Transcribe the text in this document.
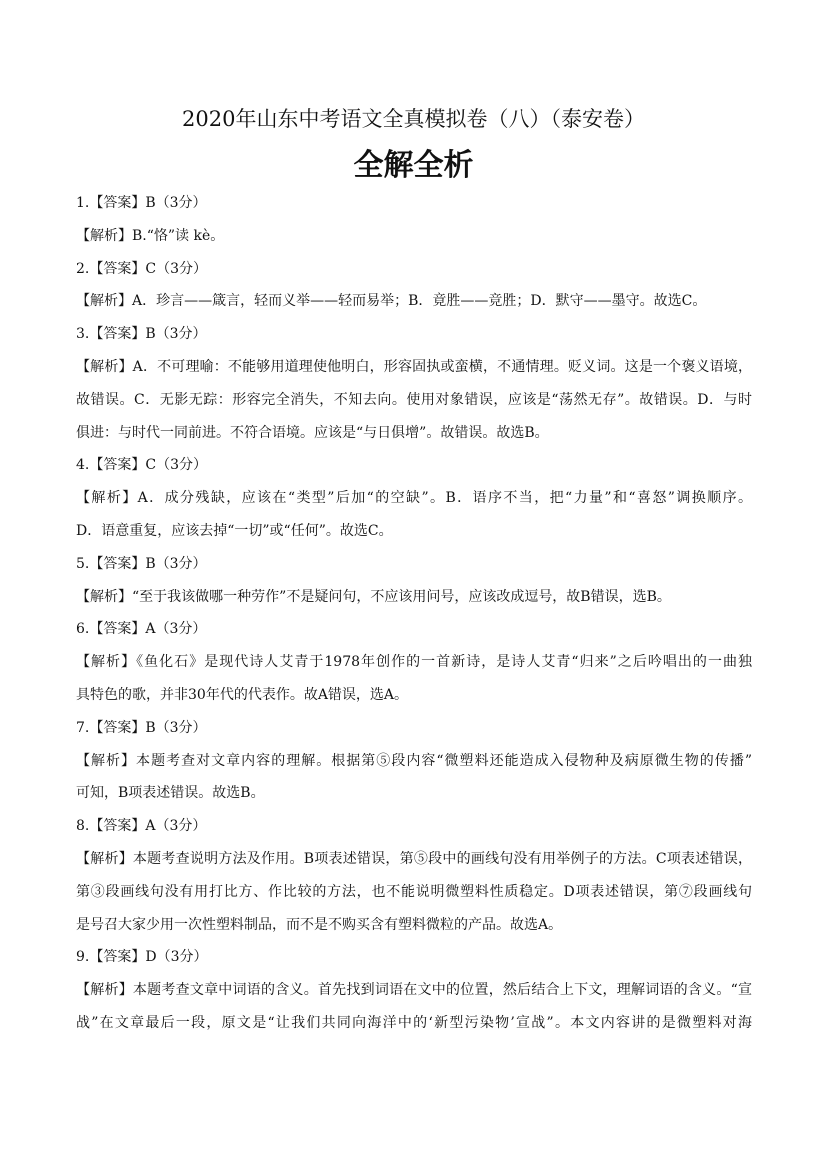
2020年山东中考语文全真模拟卷（八）（泰安卷）
全解全析
1.【答案】B（3分）
【解析】B.“恪”读 kè。
2.【答案】C（3分）
【解析】A．珍言——箴言，轻而义举——轻而易举；B．竟胜——竞胜；D．默守——墨守。故选C。
3.【答案】B（3分）
【解析】A．不可理喻：不能够用道理使他明白，形容固执或蛮横，不通情理。贬义词。这是一个褒义语境，
故错误。C．无影无踪：形容完全消失，不知去向。使用对象错误，应该是“荡然无存”。故错误。D．与时
俱进：与时代一同前进。不符合语境。应该是“与日俱增”。故错误。故选B。
4.【答案】C（3分）
【解析】A．成分残缺，应该在“类型”后加“的空缺”。B．语序不当，把“力量”和“喜怒”调换顺序。
D．语意重复，应该去掉“一切”或“任何”。故选C。
5.【答案】B（3分）
【解析】“至于我该做哪一种劳作”不是疑问句，不应该用问号，应该改成逗号，故B错误，选B。
6.【答案】A（3分）
【解析】《鱼化石》是现代诗人艾青于1978年创作的一首新诗，是诗人艾青“归来”之后吟唱出的一曲独
具特色的歌，并非30年代的代表作。故A错误，选A。
7.【答案】B（3分）
【解析】本题考查对文章内容的理解。根据第⑤段内容“微塑料还能造成入侵物种及病原微生物的传播”
可知，B项表述错误。故选B。
8.【答案】A（3分）
【解析】本题考查说明方法及作用。B项表述错误，第⑤段中的画线句没有用举例子的方法。C项表述错误，
第③段画线句没有用打比方、作比较的方法，也不能说明微塑料性质稳定。D项表述错误，第⑦段画线句
是号召大家少用一次性塑料制品，而不是不购买含有塑料微粒的产品。故选A。
9.【答案】D（3分）
【解析】本题考查文章中词语的含义。首先找到词语在文中的位置，然后结合上下文，理解词语的含义。“宣
战”在文章最后一段，原文是“让我们共同向海洋中的‘新型污染物’宣战”。本文内容讲的是微塑料对海
